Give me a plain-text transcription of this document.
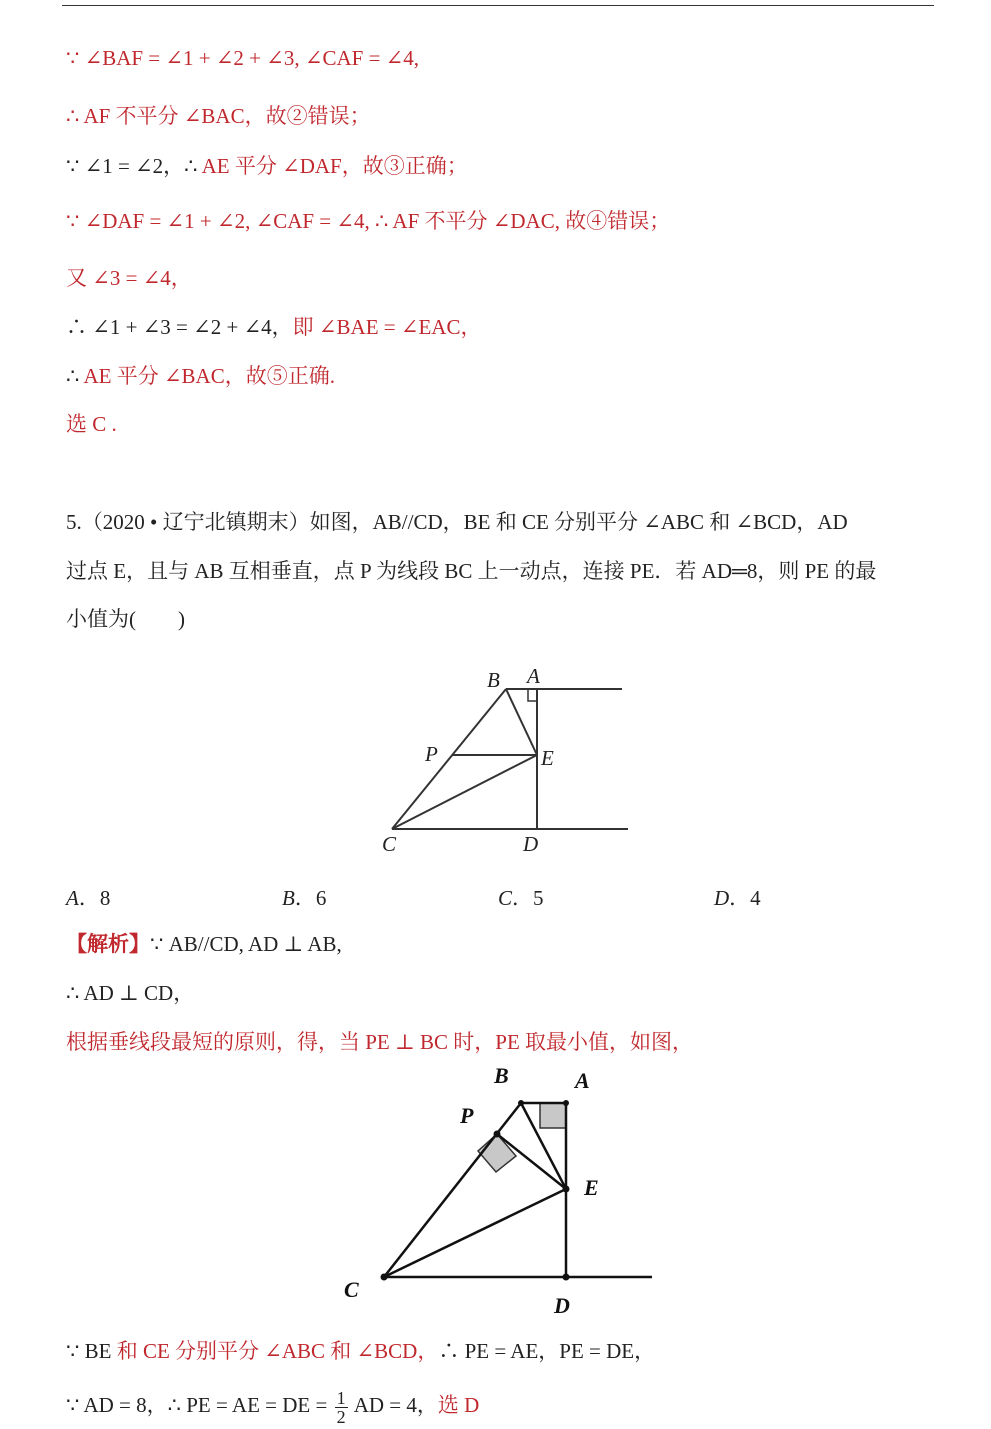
∵ ∠BAF = ∠1 + ∠2 + ∠3, ∠CAF = ∠4,
∴ AF 不平分 ∠BAC，故②错误；
∵ ∠1 = ∠2，∴ AE 平分 ∠DAF，故③正确；
∵ ∠DAF = ∠1 + ∠2, ∠CAF = ∠4, ∴ AF 不平分 ∠DAC, 故④错误；
又 ∠3 = ∠4，
∴ ∠1 + ∠3 = ∠2 + ∠4，即 ∠BAE = ∠EAC，
∴ AE 平分 ∠BAC，故⑤正确.
选 C .
5.（2020 • 辽宁北镇期末）如图，AB//CD，BE 和 CE 分别平分 ∠ABC 和 ∠BCD，AD
过点 E，且与 AB 互相垂直，点 P 为线段 BC 上一动点，连接 PE．若 AD═8，则 PE 的最
小值为(　　)
B A
P	E
C	D
A．8	B．6	C．5	D．4
【解析】∵ AB//CD, AD ⊥ AB,
∴ AD ⊥ CD，
根据垂线段最短的原则，得，当 PE ⊥ BC 时，PE 取最小值，如图，
B	A
P
E
C
D
∵ BE 和 CE 分别平分 ∠ABC 和 ∠BCD，∴ PE = AE，PE = DE，
∵ AD = 8，∴ PE = AE = DE = $\frac{1}{2}$ AD = 4，选 D
